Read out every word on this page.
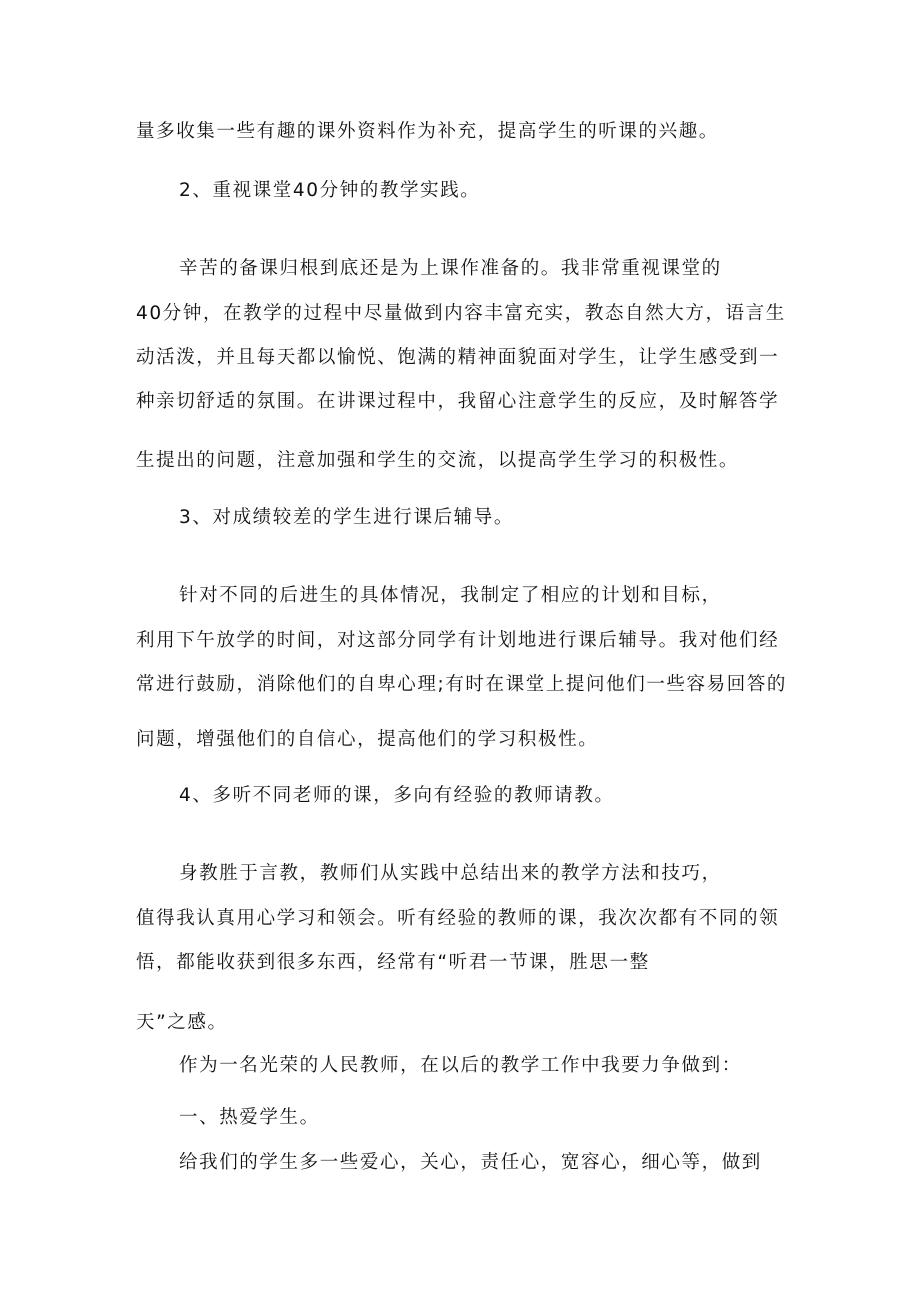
量多收集一些有趣的课外资料作为补充，提高学生的听课的兴趣。
2、重视课堂40分钟的教学实践。
辛苦的备课归根到底还是为上课作准备的。我非常重视课堂的
40分钟，在教学的过程中尽量做到内容丰富充实，教态自然大方，语言生
动活泼，并且每天都以愉悦、饱满的精神面貌面对学生，让学生感受到一
种亲切舒适的氛围。在讲课过程中，我留心注意学生的反应，及时解答学
生提出的问题，注意加强和学生的交流，以提高学生学习的积极性。
3、对成绩较差的学生进行课后辅导。
针对不同的后进生的具体情况，我制定了相应的计划和目标，
利用下午放学的时间，对这部分同学有计划地进行课后辅导。我对他们经
常进行鼓励，消除他们的自卑心理;有时在课堂上提问他们一些容易回答的
问题，增强他们的自信心，提高他们的学习积极性。
4、多听不同老师的课，多向有经验的教师请教。
身教胜于言教，教师们从实践中总结出来的教学方法和技巧，
值得我认真用心学习和领会。听有经验的教师的课，我次次都有不同的领
悟，都能收获到很多东西，经常有“听君一节课，胜思一整
天”之感。
作为一名光荣的人民教师，在以后的教学工作中我要力争做到：
一、热爱学生。
给我们的学生多一些爱心，关心，责任心，宽容心，细心等，做到
